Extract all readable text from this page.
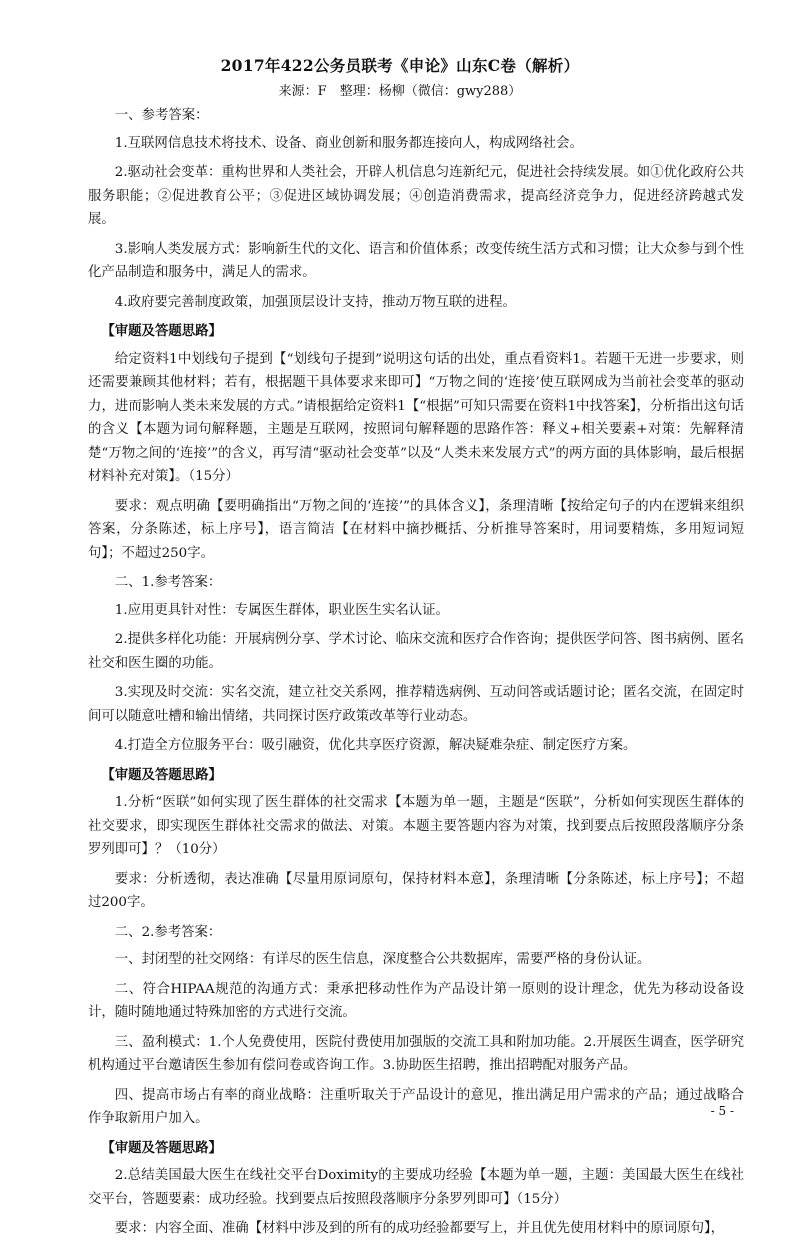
2017年422公务员联考《申论》山东C卷（解析）
来源：F　整理：杨柳（微信：gwy288）

一、参考答案：

1.互联网信息技术将技术、设备、商业创新和服务都连接向人，构成网络社会。

2.驱动社会变革：重构世界和人类社会，开辟人机信息匀连新纪元，促进社会持续发展。如①优化政府公共服务职能；②促进教育公平；③促进区域协调发展；④创造消费需求，提高经济竞争力，促进经济跨越式发展。

3.影响人类发展方式：影响新生代的文化、语言和价值体系；改变传统生活方式和习惯；让大众参与到个性化产品制造和服务中，满足人的需求。

4.政府要完善制度政策，加强顶层设计支持，推动万物互联的进程。

【审题及答题思路】

给定资料1中划线句子提到【“划线句子提到”说明这句话的出处，重点看资料1。若题干无进一步要求，则还需要兼顾其他材料；若有，根据题干具体要求来即可】“万物之间的‘连接’使互联网成为当前社会变革的驱动力，进而影响人类未来发展的方式。”请根据给定资料1【“根据”可知只需要在资料1中找答案】，分析指出这句话的含义【本题为词句解释题，主题是互联网，按照词句解释题的思路作答：释义+相关要素+对策：先解释清楚“万物之间的‘连接’”的含义，再写清“驱动社会变革”以及“人类未来发展方式”的两方面的具体影响，最后根据材料补充对策】。（15分）

要求：观点明确【要明确指出“万物之间的‘连接’”的具体含义】，条理清晰【按给定句子的内在逻辑来组织答案，分条陈述，标上序号】，语言简洁【在材料中摘抄概括、分析推导答案时，用词要精炼，多用短词短句】；不超过250字。

二、1.参考答案：

1.应用更具针对性：专属医生群体，职业医生实名认证。

2.提供多样化功能：开展病例分享、学术讨论、临床交流和医疗合作咨询；提供医学问答、图书病例、匿名社交和医生圈的功能。

3.实现及时交流：实名交流，建立社交关系网，推荐精选病例、互动问答或话题讨论；匿名交流，在固定时间可以随意吐槽和输出情绪，共同探讨医疗政策改革等行业动态。

4.打造全方位服务平台：吸引融资，优化共享医疗资源，解决疑难杂症、制定医疗方案。

【审题及答题思路】

1.分析“医联”如何实现了医生群体的社交需求【本题为单一题，主题是“医联”，分析如何实现医生群体的社交要求，即实现医生群体社交需求的做法、对策。本题主要答题内容为对策，找到要点后按照段落顺序分条罗列即可】？（10分）

要求：分析透彻，表达准确【尽量用原词原句，保持材料本意】，条理清晰【分条陈述，标上序号】；不超过200字。

二、2.参考答案：

一、封闭型的社交网络：有详尽的医生信息，深度整合公共数据库，需要严格的身份认证。

二、符合HIPAA规范的沟通方式：秉承把移动性作为产品设计第一原则的设计理念，优先为移动设备设计，随时随地通过特殊加密的方式进行交流。

三、盈利模式：1.个人免费使用，医院付费使用加强版的交流工具和附加功能。2.开展医生调查，医学研究机构通过平台邀请医生参加有偿问卷或咨询工作。3.协助医生招聘，推出招聘配对服务产品。

四、提高市场占有率的商业战略：注重听取关于产品设计的意见，推出满足用户需求的产品；通过战略合作争取新用户加入。

【审题及答题思路】

2.总结美国最大医生在线社交平台Doximity的主要成功经验【本题为单一题，主题：美国最大医生在线社交平台，答题要素：成功经验。找到要点后按照段落顺序分条罗列即可】（15分）

要求：内容全面、准确【材料中涉及到的所有的成功经验都要写上，并且优先使用材料中的原词原句】，

- 5 -
